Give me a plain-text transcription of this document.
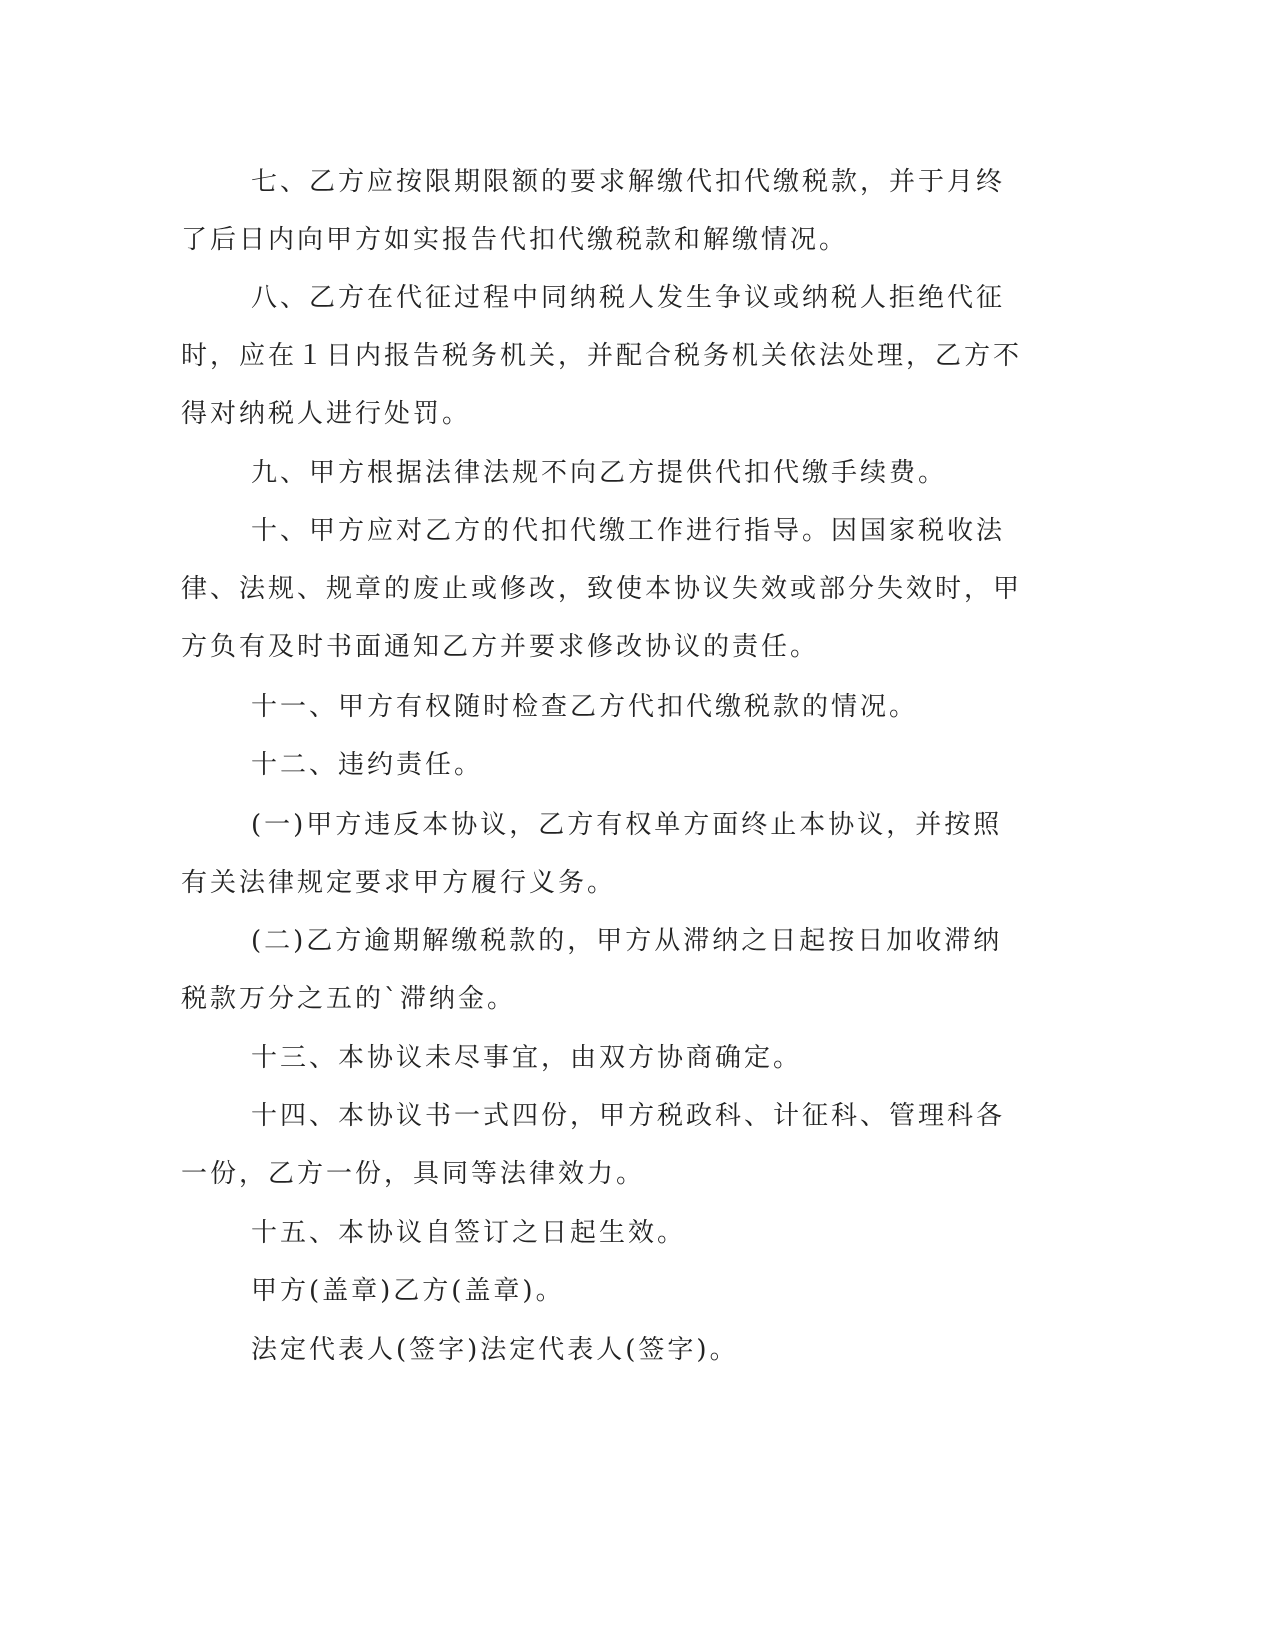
七、乙方应按限期限额的要求解缴代扣代缴税款，并于月终了后日内向甲方如实报告代扣代缴税款和解缴情况。

八、乙方在代征过程中同纳税人发生争议或纳税人拒绝代征时，应在１日内报告税务机关，并配合税务机关依法处理，乙方不得对纳税人进行处罚。

九、甲方根据法律法规不向乙方提供代扣代缴手续费。

十、甲方应对乙方的代扣代缴工作进行指导。因国家税收法律、法规、规章的废止或修改，致使本协议失效或部分失效时，甲方负有及时书面通知乙方并要求修改协议的责任。

十一、甲方有权随时检查乙方代扣代缴税款的情况。

十二、违约责任。

(一)甲方违反本协议，乙方有权单方面终止本协议，并按照有关法律规定要求甲方履行义务。

(二)乙方逾期解缴税款的，甲方从滞纳之日起按日加收滞纳税款万分之五的`滞纳金。

十三、本协议未尽事宜，由双方协商确定。

十四、本协议书一式四份，甲方税政科、计征科、管理科各一份，乙方一份，具同等法律效力。

十五、本协议自签订之日起生效。

甲方(盖章)乙方(盖章)。

法定代表人(签字)法定代表人(签字)。
